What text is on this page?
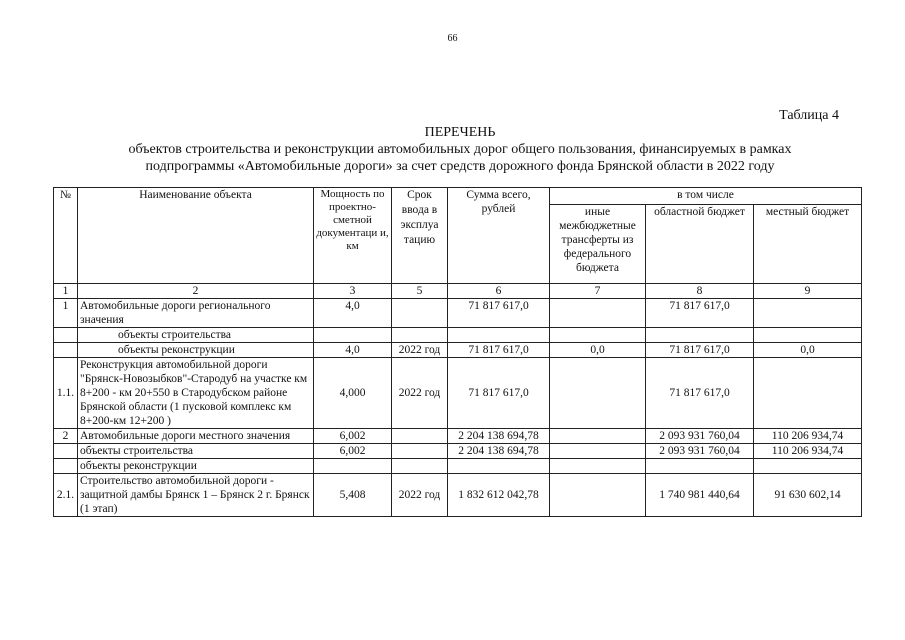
66
Таблица 4
ПЕРЕЧЕНЬ
объектов строительства и реконструкции автомобильных дорог общего пользования, финансируемых в рамках
подпрограммы «Автомобильные дороги» за счет средств дорожного фонда Брянской области в 2022 году
№	Наименование объекта	Мощность по проектно-сметной документаци и, км	Срок ввода в эксплуа тацию	Сумма всего, рублей	в том числе		
					иные межбюджетные трансферты из федерального бюджета	областной бюджет	местный бюджет
1	2	3	5	6	7	8	9
1	Автомобильные дороги регионального значения	4,0		71 817 617,0		71 817 617,0	
	объекты строительства						
	объекты реконструкции	4,0	2022 год	71 817 617,0	0,0	71 817 617,0	0,0
1.1.	Реконструкция автомобильной дороги "Брянск-Новозыбков"-Стародуб на участке км 8+200 - км 20+550 в Стародубском районе Брянской области (1 пусковой комплекс км 8+200-км 12+200 )	4,000	2022 год	71 817 617,0		71 817 617,0	
2	Автомобильные дороги местного значения	6,002		2 204 138 694,78		2 093 931 760,04	110 206 934,74
	объекты строительства	6,002		2 204 138 694,78		2 093 931 760,04	110 206 934,74
	объекты реконструкции						
2.1.	Строительство автомобильной дороги - защитной дамбы Брянск 1 – Брянск 2 г. Брянск (1 этап)	5,408	2022 год	1 832 612 042,78		1 740 981 440,64	91 630 602,14
